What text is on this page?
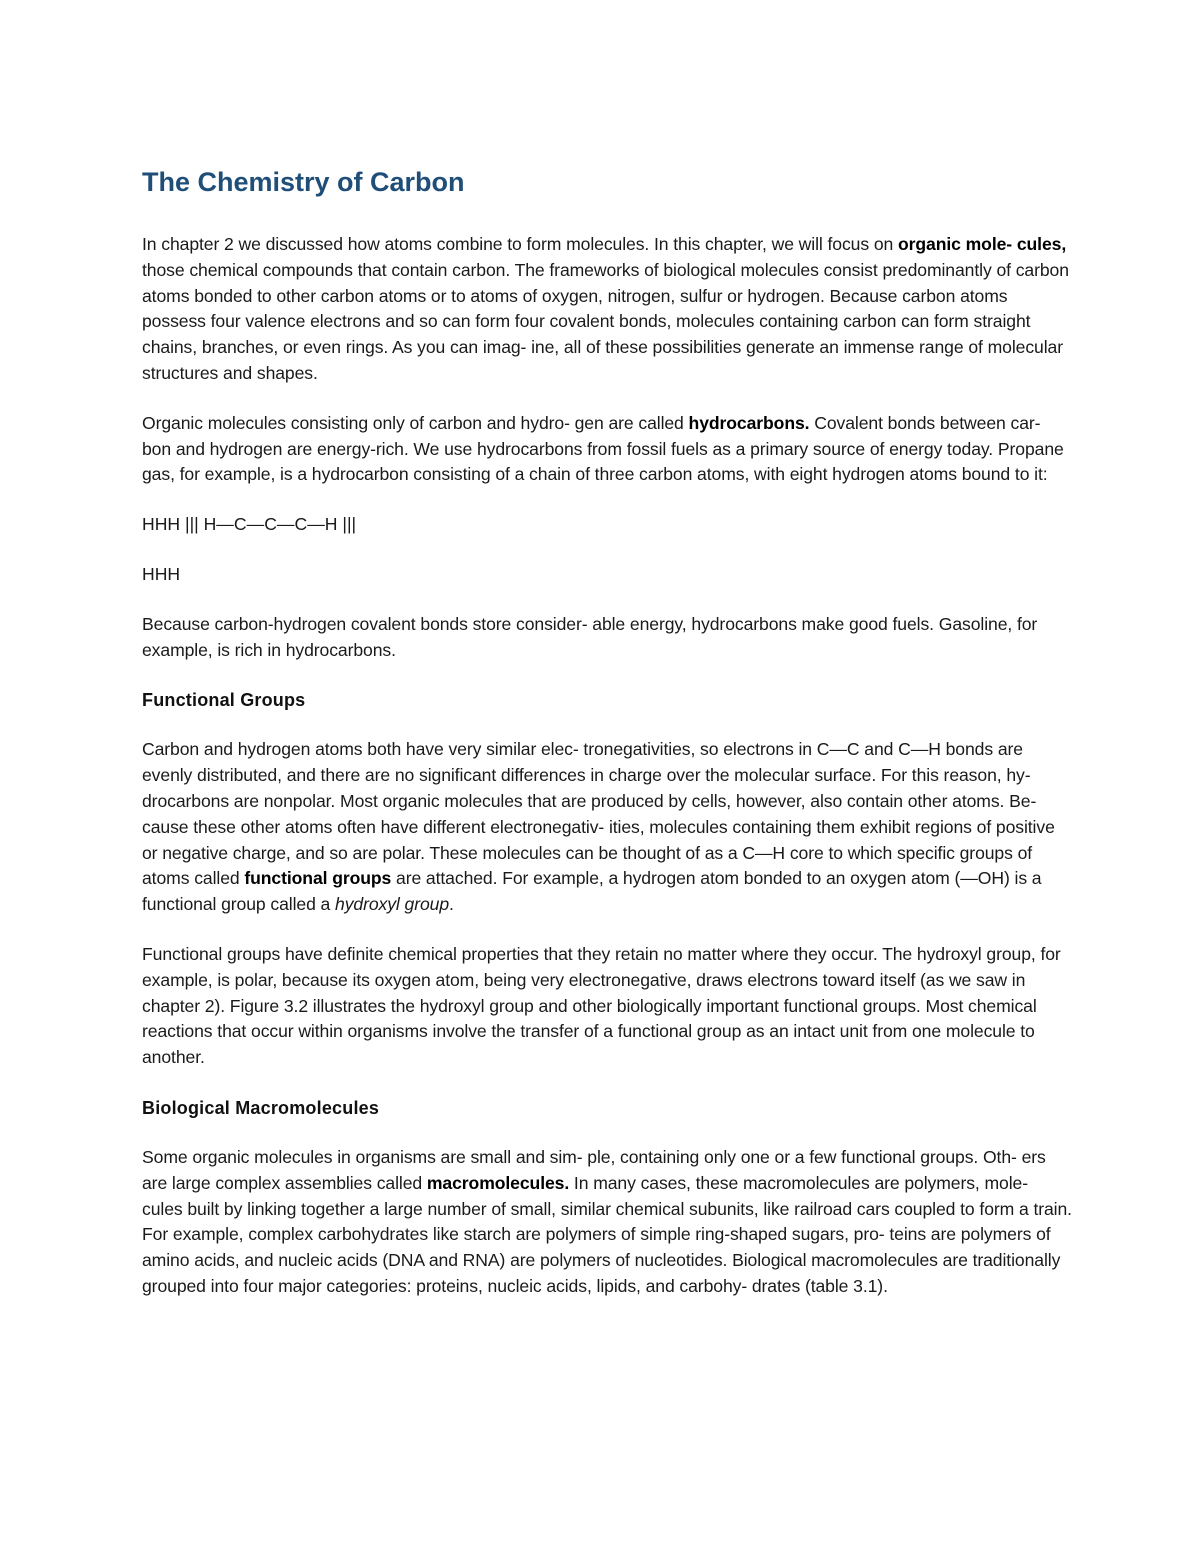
The Chemistry of Carbon

In chapter 2 we discussed how atoms combine to form molecules. In this chapter, we will focus on organic mole- cules, those chemical compounds that contain carbon. The frameworks of biological molecules consist predominantly of carbon atoms bonded to other carbon atoms or to atoms of oxygen, nitrogen, sulfur or hydrogen. Because carbon atoms possess four valence electrons and so can form four covalent bonds, molecules containing carbon can form straight chains, branches, or even rings. As you can imag- ine, all of these possibilities generate an immense range of molecular structures and shapes.

Organic molecules consisting only of carbon and hydro- gen are called hydrocarbons. Covalent bonds between car- bon and hydrogen are energy-rich. We use hydrocarbons from fossil fuels as a primary source of energy today. Propane gas, for example, is a hydrocarbon consisting of a chain of three carbon atoms, with eight hydrogen atoms bound to it:

HHH ||| H—C—C—C—H |||

HHH

Because carbon-hydrogen covalent bonds store consider- able energy, hydrocarbons make good fuels. Gasoline, for example, is rich in hydrocarbons.

Functional Groups

Carbon and hydrogen atoms both have very similar elec- tronegativities, so electrons in C—C and C—H bonds are evenly distributed, and there are no significant differences in charge over the molecular surface. For this reason, hy- drocarbons are nonpolar. Most organic molecules that are produced by cells, however, also contain other atoms. Be- cause these other atoms often have different electronegativ- ities, molecules containing them exhibit regions of positive or negative charge, and so are polar. These molecules can be thought of as a C—H core to which specific groups of atoms called functional groups are attached. For example, a hydrogen atom bonded to an oxygen atom (—OH) is a functional group called a hydroxyl group.

Functional groups have definite chemical properties that they retain no matter where they occur. The hydroxyl group, for example, is polar, because its oxygen atom, being very electronegative, draws electrons toward itself (as we saw in chapter 2). Figure 3.2 illustrates the hydroxyl group and other biologically important functional groups. Most chemical reactions that occur within organisms involve the transfer of a functional group as an intact unit from one molecule to another.

Biological Macromolecules

Some organic molecules in organisms are small and sim- ple, containing only one or a few functional groups. Oth- ers are large complex assemblies called macromolecules. In many cases, these macromolecules are polymers, mole- cules built by linking together a large number of small, similar chemical subunits, like railroad cars coupled to form a train. For example, complex carbohydrates like starch are polymers of simple ring-shaped sugars, pro- teins are polymers of amino acids, and nucleic acids (DNA and RNA) are polymers of nucleotides. Biological macromolecules are traditionally grouped into four major categories: proteins, nucleic acids, lipids, and carbohy- drates (table 3.1).
